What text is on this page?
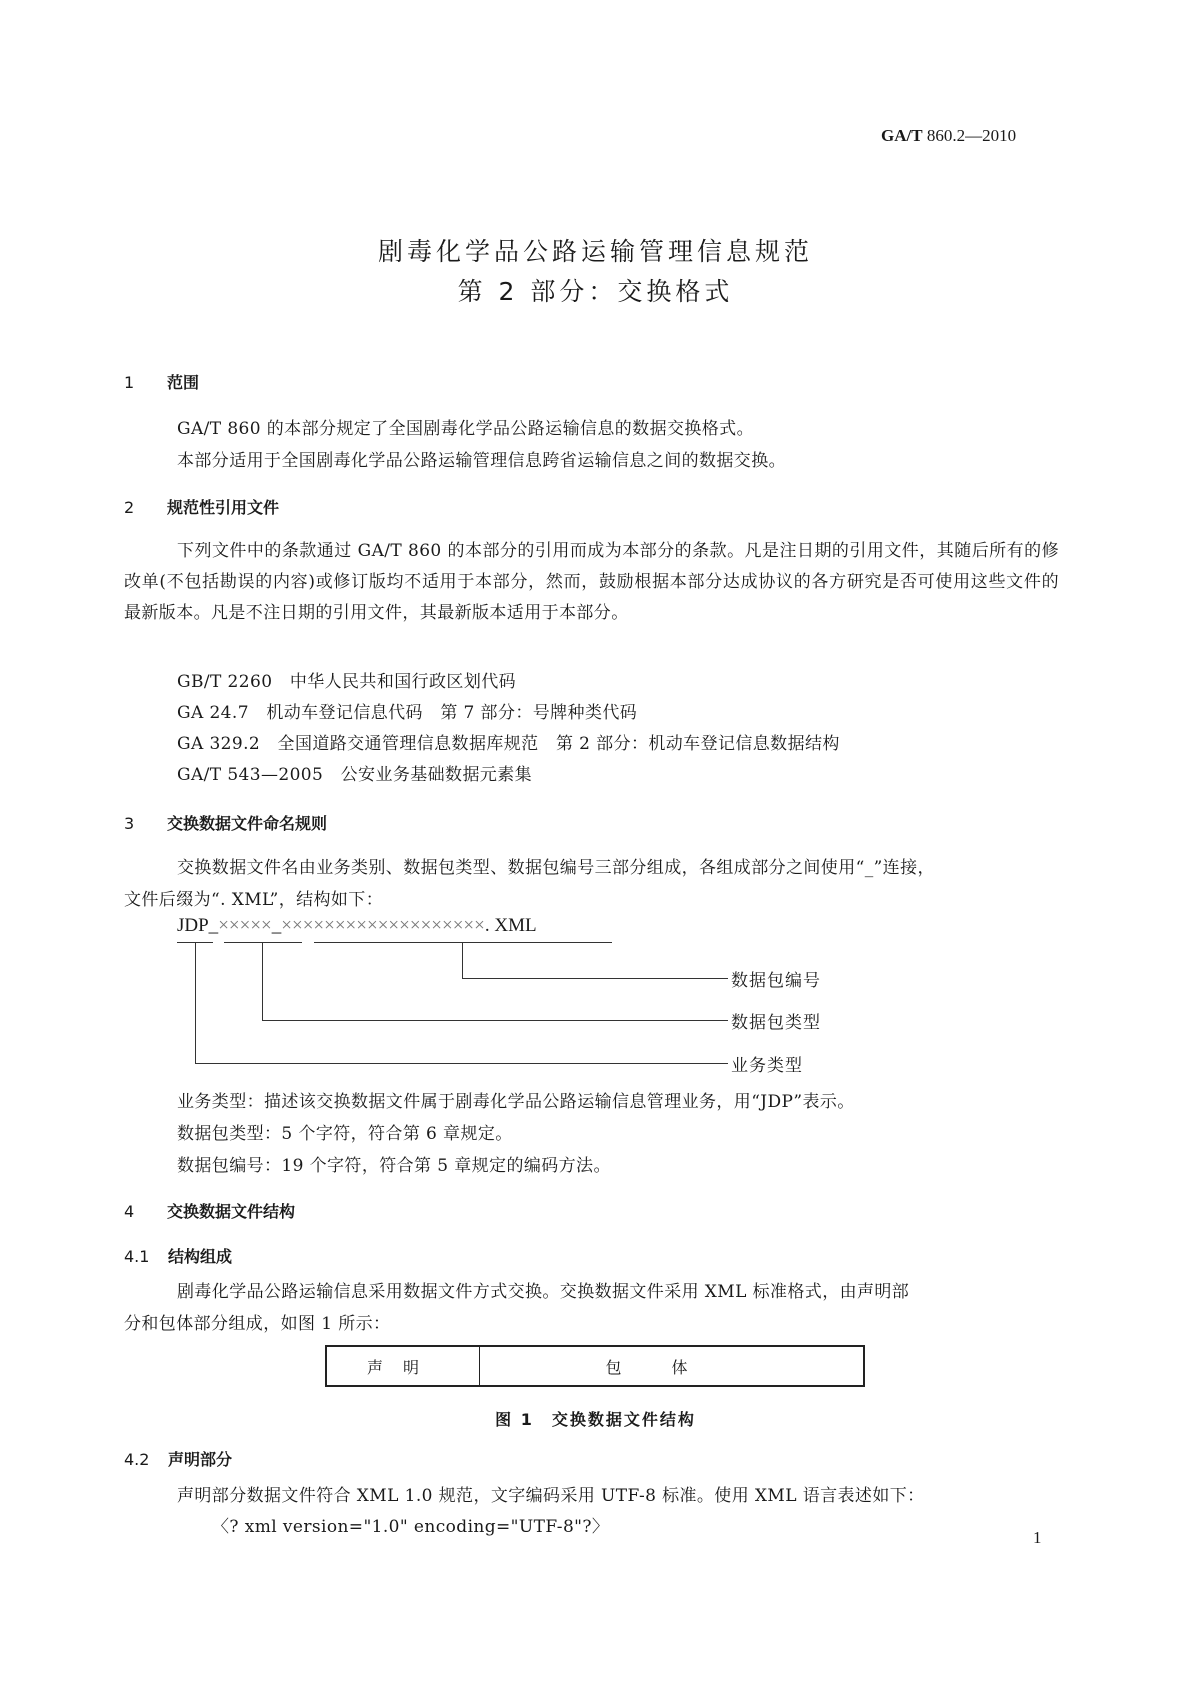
GA/T 860.2—2010
剧毒化学品公路运输管理信息规范
第 2 部分：交换格式
1 范围
GA/T 860 的本部分规定了全国剧毒化学品公路运输信息的数据交换格式。
本部分适用于全国剧毒化学品公路运输管理信息跨省运输信息之间的数据交换。
2 规范性引用文件
下列文件中的条款通过 GA/T 860 的本部分的引用而成为本部分的条款。凡是注日期的引用文件，其随后所有的修改单(不包括勘误的内容)或修订版均不适用于本部分，然而，鼓励根据本部分达成协议的各方研究是否可使用这些文件的最新版本。凡是不注日期的引用文件，其最新版本适用于本部分。
GB/T 2260　 中华人民共和国行政区划代码
GA 24.7　 机动车登记信息代码　第 7 部分：号牌种类代码
GA 329.2　 全国道路交通管理信息数据库规范　第 2 部分：机动车登记信息数据结构
GA/T 543—2005　 公安业务基础数据元素集
3 交换数据文件命名规则
交换数据文件名由业务类别、数据包类型、数据包编号三部分组成，各组成部分之间使用“_”连接，
文件后缀为“. XML”，结构如下：
JDP_×××××_×××××××××××××××××××. XML
数据包编号
数据包类型
业务类型
业务类型：描述该交换数据文件属于剧毒化学品公路运输信息管理业务，用“JDP”表示。
数据包类型：5 个字符，符合第 6 章规定。
数据包编号：19 个字符，符合第 5 章规定的编码方法。
4 交换数据文件结构
4.1 结构组成
剧毒化学品公路运输信息采用数据文件方式交换。交换数据文件采用 XML 标准格式，由声明部
分和包体部分组成，如图 1 所示：
声明	包体
图 1　交换数据文件结构
4.2 声明部分
声明部分数据文件符合 XML 1.0 规范，文字编码采用 UTF-8 标准。使用 XML 语言表述如下：
〈? xml version="1.0" encoding="UTF-8"?〉
1
